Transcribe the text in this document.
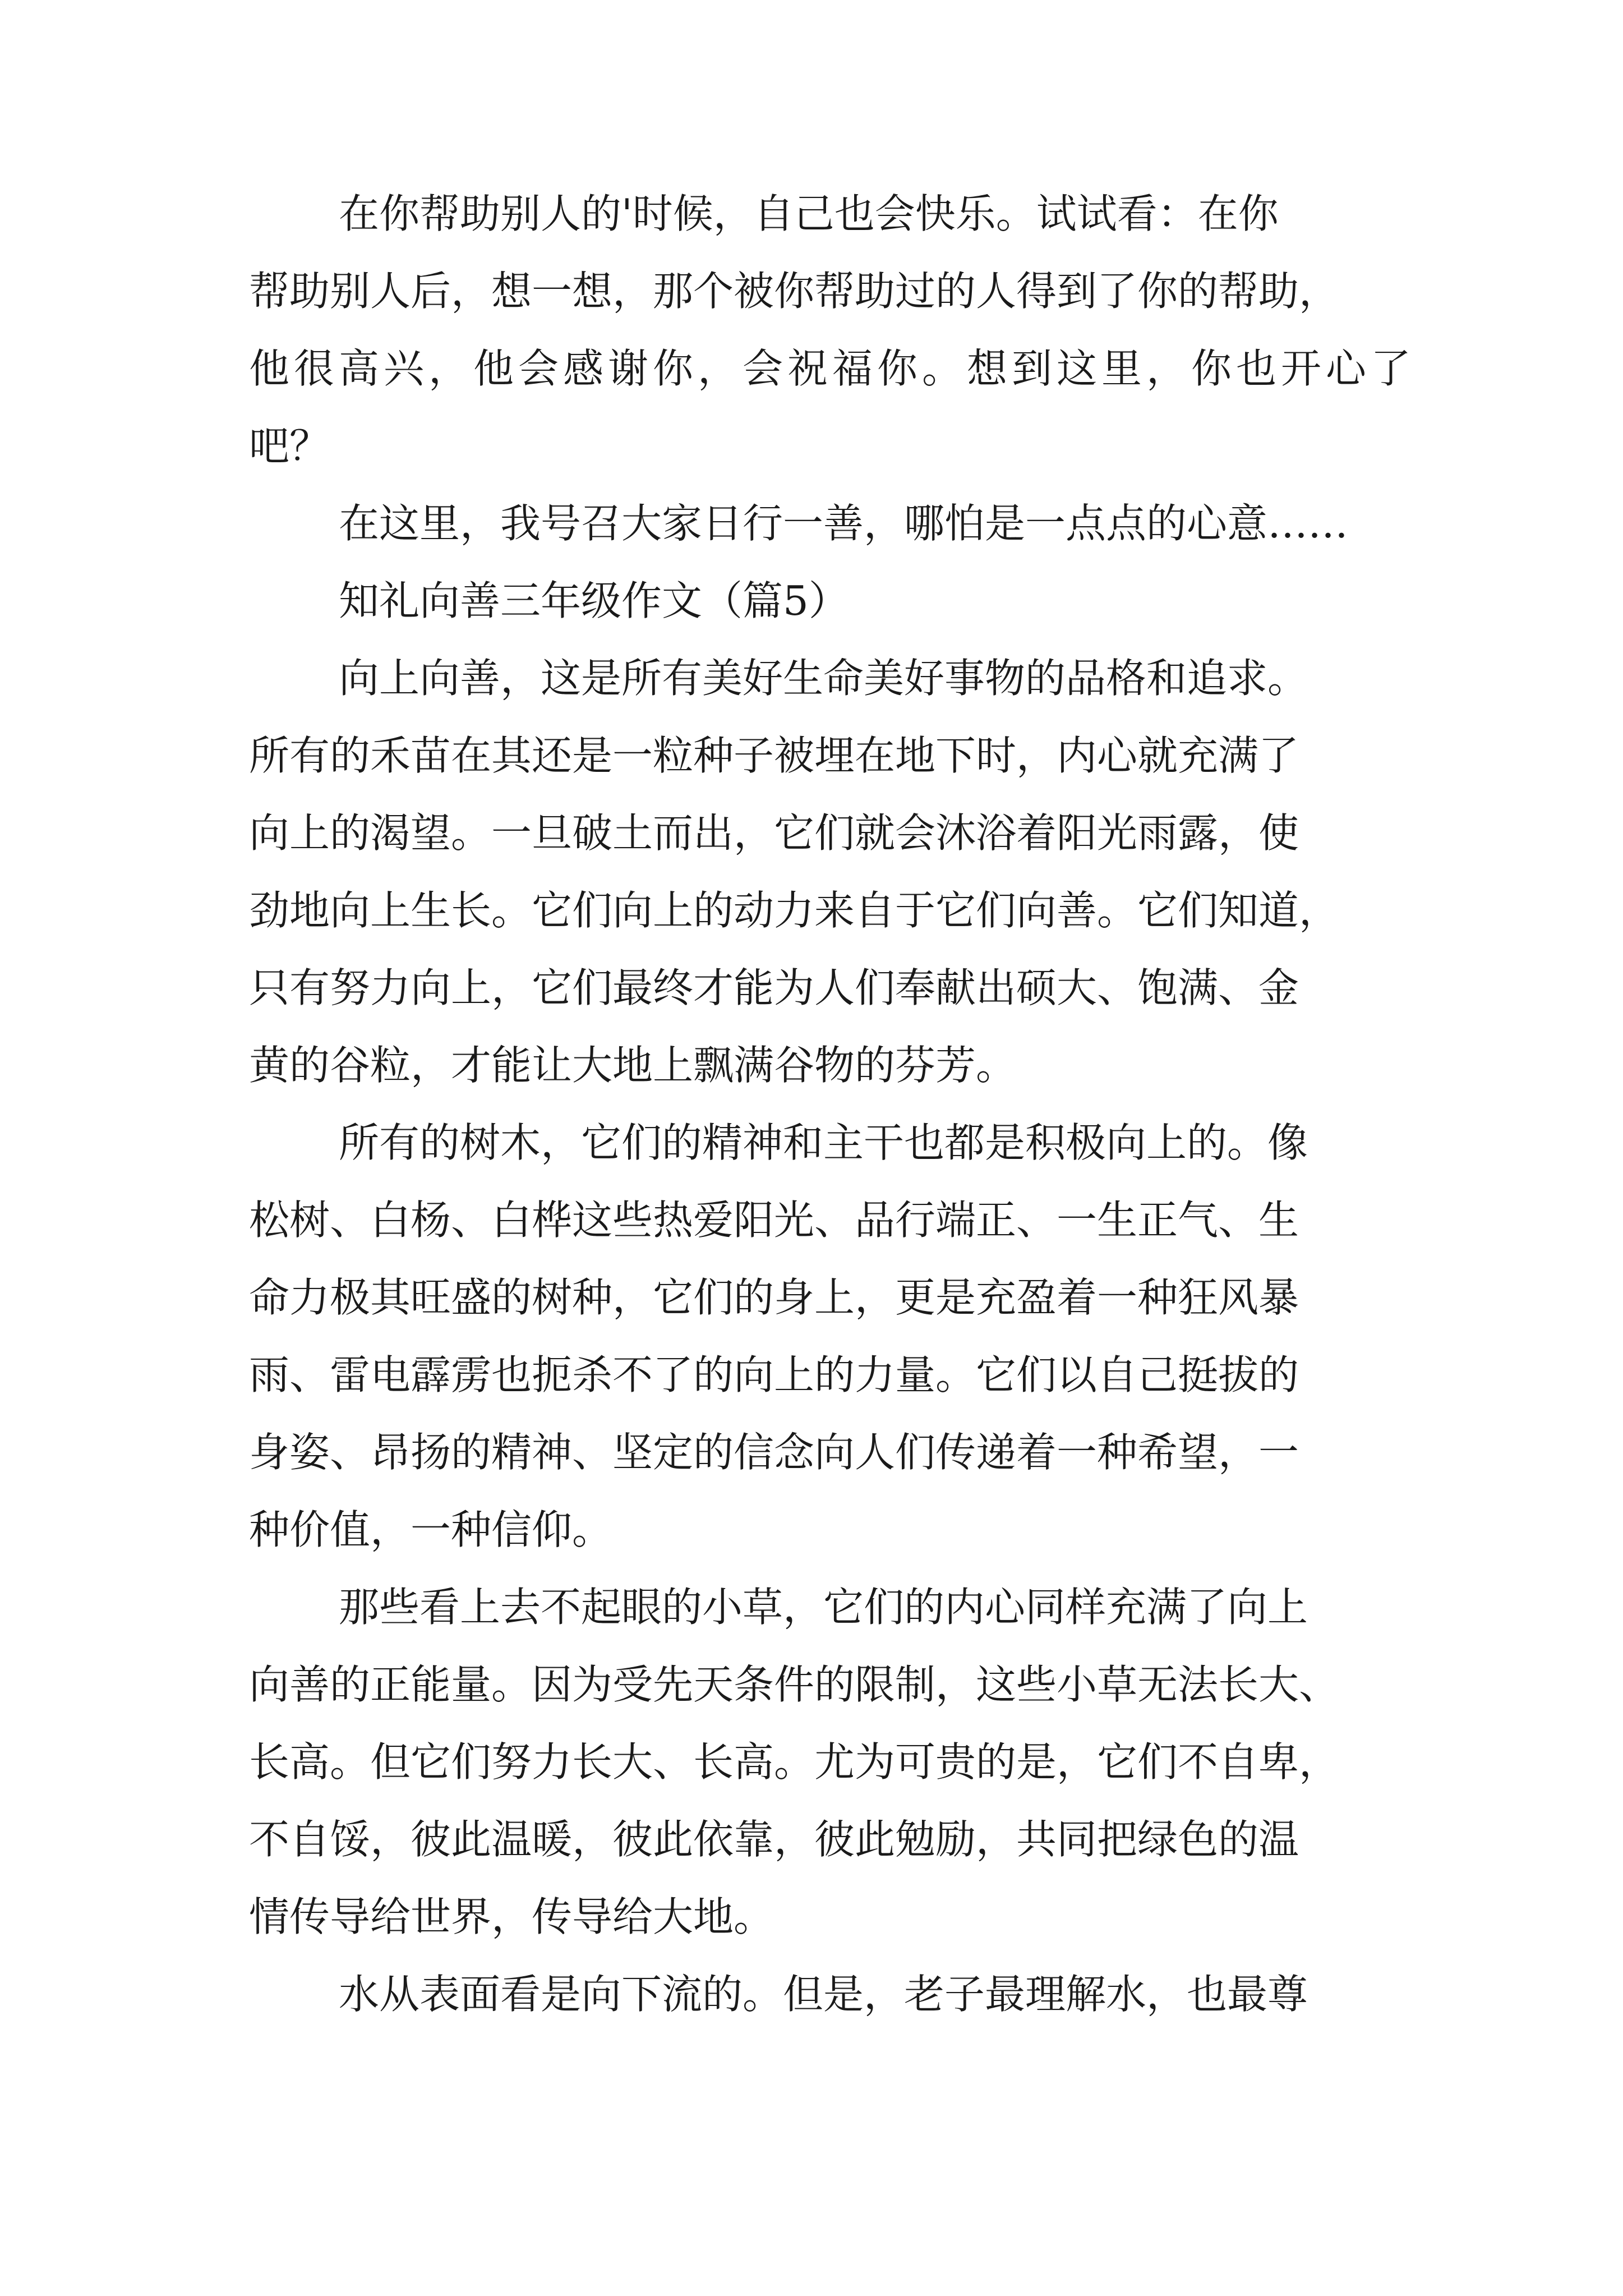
在你帮助别人的'时候，自己也会快乐。试试看：在你
帮助别人后，想一想，那个被你帮助过的人得到了你的帮助，
他很高兴，他会感谢你，会祝福你。想到这里，你也开心了
吧？
在这里，我号召大家日行一善，哪怕是一点点的心意……
知礼向善三年级作文（篇5）
向上向善，这是所有美好生命美好事物的品格和追求。
所有的禾苗在其还是一粒种子被埋在地下时，内心就充满了
向上的渴望。一旦破土而出，它们就会沐浴着阳光雨露，使
劲地向上生长。它们向上的动力来自于它们向善。它们知道，
只有努力向上，它们最终才能为人们奉献出硕大、饱满、金
黄的谷粒，才能让大地上飘满谷物的芬芳。
所有的树木，它们的精神和主干也都是积极向上的。像
松树、白杨、白桦这些热爱阳光、品行端正、一生正气、生
命力极其旺盛的树种，它们的身上，更是充盈着一种狂风暴
雨、雷电霹雳也扼杀不了的向上的力量。它们以自己挺拔的
身姿、昂扬的精神、坚定的信念向人们传递着一种希望，一
种价值，一种信仰。
那些看上去不起眼的小草，它们的内心同样充满了向上
向善的正能量。因为受先天条件的限制，这些小草无法长大、
长高。但它们努力长大、长高。尤为可贵的是，它们不自卑，
不自馁，彼此温暖，彼此依靠，彼此勉励，共同把绿色的温
情传导给世界，传导给大地。
水从表面看是向下流的。但是，老子最理解水，也最尊
